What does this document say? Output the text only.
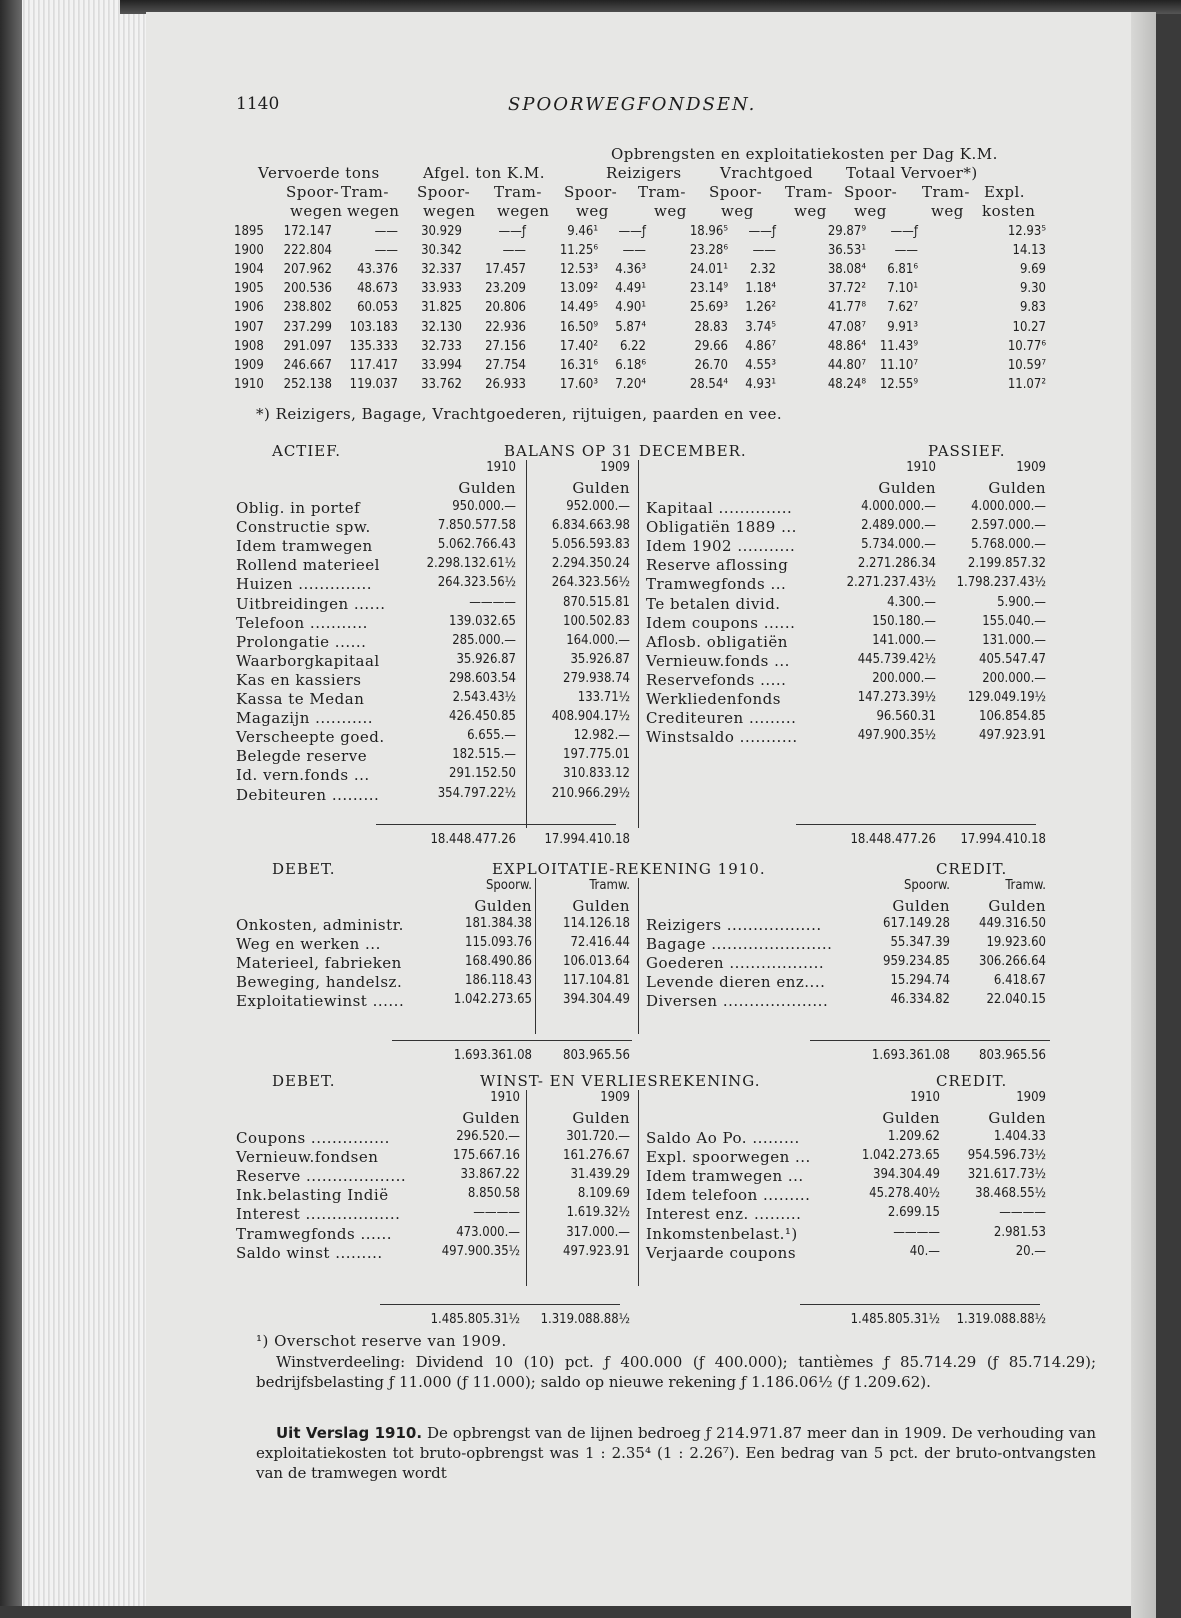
1140	SPOORWEGFONDSEN.
Opbrengsten en exploitatiekosten per Dag K.M.
Vervoerde tons	Afgel. ton K.M.	Reizigers	Vrachtgoed Totaal Vervoer*)
Spoor- Tram- Spoor- Tram- Spoor- Tram- Spoor- Tram- Spoor- Tram- Expl.
wegen wegen wegen wegen weg	weg weg	weg weg	weg kosten
1895	172.147	——	30.929	——ƒ	9.46¹	——ƒ	18.96⁵	——ƒ	29.87⁹	——ƒ	12.93⁵
1900	222.804	——	30.342	——	11.25⁶	——	23.28⁶	——	36.53¹	——	14.13
1904	207.962	43.376	32.337	17.457	12.53³	4.36³	24.01¹	2.32	38.08⁴	6.81⁶	9.69
1905	200.536	48.673	33.933	23.209	13.09²	4.49¹	23.14⁹	1.18⁴	37.72²	7.10¹	9.30
1906	238.802	60.053	31.825	20.806	14.49⁵	4.90¹	25.69³	1.26²	41.77⁸	7.62⁷	9.83
1907	237.299	103.183	32.130	22.936	16.50⁹	5.87⁴	28.83	3.74⁵	47.08⁷	9.91³	10.27
1908	291.097	135.333	32.733	27.156	17.40²	6.22	29.66	4.86⁷	48.86⁴	11.43⁹	10.77⁶
1909	246.667	117.417	33.994	27.754	16.31⁶	6.18⁶	26.70	4.55³	44.80⁷	11.10⁷	10.59⁷
1910	252.138	119.037	33.762	26.933	17.60³	7.20⁴	28.54⁴	4.93¹	48.24⁸	12.55⁹	11.07²
*) Reizigers, Bagage, Vrachtgoederen, rijtuigen, paarden en vee.
ACTIEF.	BALANS OP 31 DECEMBER.	PASSIEF.
1910
Gulden
1909
Gulden
1910
Gulden
1909
Gulden
Oblig. in portef	950.000.—	952.000.—
Constructie spw.	7.850.577.58	6.834.663.98
Idem tramwegen	5.062.766.43	5.056.593.83
Rollend materieel	2.298.132.61½	2.294.350.24
Huizen ..............	264.323.56½	264.323.56½
Uitbreidingen ......	————	870.515.81
Telefoon ...........	139.032.65	100.502.83
Prolongatie ......	285.000.—	164.000.—
Waarborgkapitaal	35.926.87	35.926.87
Kas en kassiers	298.603.54	279.938.74
Kassa te Medan	2.543.43½	133.71½
Magazijn ...........	426.450.85	408.904.17½
Verscheepte goed.	6.655.—	12.982.—
Belegde reserve	182.515.—	197.775.01
Id. vern.fonds ...	291.152.50	310.833.12
Debiteuren .........	354.797.22½	210.966.29½
Kapitaal ..............	4.000.000.—	4.000.000.—
Obligatiën 1889 ...	2.489.000.—	2.597.000.—
Idem 1902 ...........	5.734.000.—	5.768.000.—
Reserve aflossing	2.271.286.34	2.199.857.32
Tramwegfonds ...	2.271.237.43½	1.798.237.43½
Te betalen divid.	4.300.—	5.900.—
Idem coupons ......	150.180.—	155.040.—
Aflosb. obligatiën	141.000.—	131.000.—
Vernieuw.fonds ...	445.739.42½	405.547.47
Reservefonds .....	200.000.—	200.000.—
Werkliedenfonds	147.273.39½	129.049.19½
Crediteuren .........	96.560.31	106.854.85
Winstsaldo ...........	497.900.35½	497.923.91
18.448.477.26	17.994.410.18	18.448.477.26	17.994.410.18
DEBET.	EXPLOITATIE-REKENING 1910.	CREDIT.
Spoorw.
Gulden
Tramw.
Gulden
Spoorw.
Gulden
Tramw.
Gulden
Onkosten, administr.	181.384.38	114.126.18
Weg en werken ...	115.093.76	72.416.44
Materieel, fabrieken	168.490.86	106.013.64
Beweging, handelsz.	186.118.43	117.104.81
Exploitatiewinst ......	1.042.273.65	394.304.49
Reizigers ..................	617.149.28	449.316.50
Bagage .......................	55.347.39	19.923.60
Goederen ..................	959.234.85	306.266.64
Levende dieren enz....	15.294.74	6.418.67
Diversen ....................	46.334.82	22.040.15
1.693.361.08	803.965.56	1.693.361.08	803.965.56
DEBET.	WINST- EN VERLIESREKENING.	CREDIT.
1910
Gulden
1909
Gulden
1910
Gulden
1909
Gulden
Coupons ...............	296.520.—	301.720.—
Vernieuw.fondsen	175.667.16	161.276.67
Reserve ...................	33.867.22	31.439.29
Ink.belasting Indië	8.850.58	8.109.69
Interest ..................	————	1.619.32½
Tramwegfonds ......	473.000.—	317.000.—
Saldo winst .........	497.900.35½	497.923.91
Saldo Ao Po. .........	1.209.62	1.404.33
Expl. spoorwegen ...	1.042.273.65	954.596.73½
Idem tramwegen ...	394.304.49	321.617.73½
Idem telefoon .........	45.278.40½	38.468.55½
Interest enz. .........	2.699.15	————
Inkomstenbelast.¹)	————	2.981.53
Verjaarde coupons	40.—	20.—
1.485.805.31½	1.319.088.88½	1.485.805.31½	1.319.088.88½
¹) Overschot reserve van 1909.
Winstverdeeling: Dividend 10 (10) pct. ƒ 400.000 (ƒ 400.000); tantièmes ƒ 85.714.29 (ƒ 85.714.29); bedrijfsbelasting ƒ 11.000 (ƒ 11.000); saldo op nieuwe rekening ƒ 1.186.06½ (ƒ 1.209.62).
Uit Verslag 1910. De opbrengst van de lijnen bedroeg ƒ 214.971.87 meer dan in 1909. De verhouding van exploitatiekosten tot bruto-opbrengst was 1 : 2.35⁴ (1 : 2.26⁷). Een bedrag van 5 pct. der bruto-ontvangsten van de tramwegen wordt
